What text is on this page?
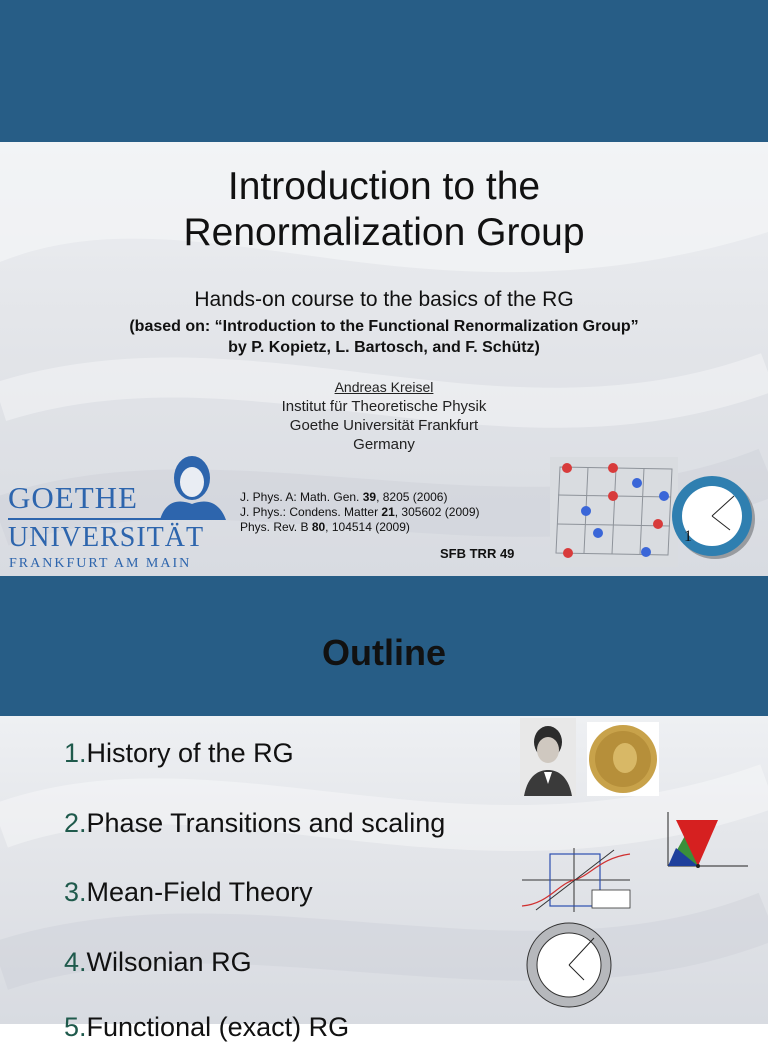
Introduction to the
Renormalization Group
Hands-on course to the basics of the RG
(based on: “Introduction to the Functional Renormalization Group”
by P. Kopietz, L. Bartosch, and F. Schütz)
Andreas Kreisel
Institut für Theoretische Physik
Goethe Universität Frankfurt
Germany
GOETHE
UNIVERSITÄT
FRANKFURT AM MAIN
J. Phys. A: Math. Gen. 39, 8205 (2006)
J. Phys.: Condens. Matter 21, 305602 (2009)
Phys. Rev. B 80, 104514 (2009)
SFB TRR 49
1
Outline
1.History of the RG
2.Phase Transitions and scaling
3.Mean-Field Theory
4.Wilsonian RG
5.Functional (exact) RG
